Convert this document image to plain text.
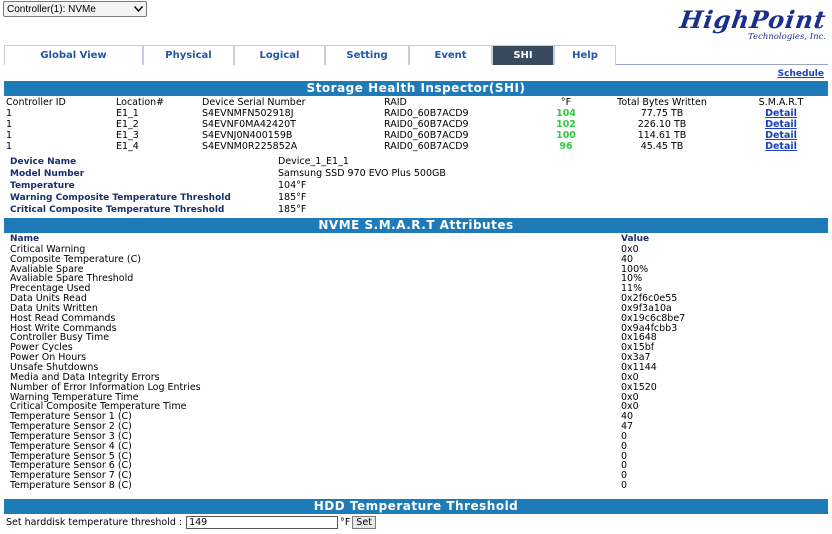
Controller(1): NVMe	HighPoint
Technologies, Inc.
Global View	Physical	Logical	Setting	Event	SHI	Help
Schedule
Storage Health Inspector(SHI)
Controller ID	Location#	Device Serial Number	RAID	°F	Total Bytes Written	S.M.A.R.T
1	E1_1	S4EVNMFN502918J	RAID0_60B7ACD9	104	77.75 TB	Detail
1	E1_2	S4EVNF0MA42420T	RAID0_60B7ACD9	102	226.10 TB	Detail
1	E1_3	S4EVNJ0N400159B	RAID0_60B7ACD9	100	114.61 TB	Detail
1	E1_4	S4EVNM0R225852A	RAID0_60B7ACD9	96	45.45 TB	Detail
Device Name	Device_1_E1_1
Model Number	Samsung SSD 970 EVO Plus 500GB
Temperature	104°F
Warning Composite Temperature Threshold	185°F
Critical Composite Temperature Threshold	185°F
NVME S.M.A.R.T Attributes
Name	Value
Critical Warning	0x0
Composite Temperature (C)	40
Avaliable Spare	100%
Avaliable Spare Threshold	10%
Precentage Used	11%
Data Units Read	0x2f6c0e55
Data Units Written	0x9f3a10a
Host Read Commands	0x19c6c8be7
Host Write Commands	0x9a4fcbb3
Controller Busy Time	0x1648
Power Cycles	0x15bf
Power On Hours	0x3a7
Unsafe Shutdowns	0x1144
Media and Data Integrity Errors	0x0
Number of Error Information Log Entries	0x1520
Warning Temperature Time	0x0
Critical Composite Temperature Time	0x0
Temperature Sensor 1 (C)	40
Temperature Sensor 2 (C)	47
Temperature Sensor 3 (C)	0
Temperature Sensor 4 (C)	0
Temperature Sensor 5 (C)	0
Temperature Sensor 6 (C)	0
Temperature Sensor 7 (C)	0
Temperature Sensor 8 (C)	0
HDD Temperature Threshold
Set harddisk temperature threshold : 149	°F Set
